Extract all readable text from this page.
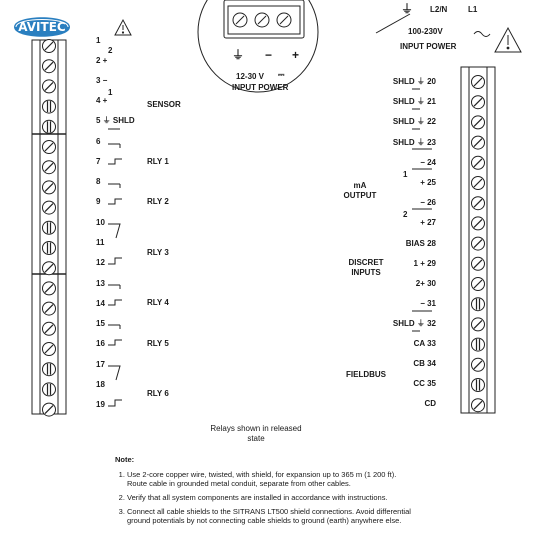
AVITEC
1
2 +
3 −
4 +
5 ⏚ SHLD
6
7
8
9
10
11
12
13
14
15
16
17
18
19
2
1
SENSOR
RLY 1
RLY 2
RLY 3
RLY 4
RLY 5
RLY 6
SHLD ⏚ 20
SHLD ⏚ 21
SHLD ⏚ 22
SHLD ⏚ 23
− 24
+ 25
− 26
+ 27
BIAS 28
1 + 29
2+ 30
− 31
SHLD ⏚ 32
CA 33
CB 34
CC 35
CD
1
2
mA
OUTPUT
DISCRET
INPUTS
FIELDBUS
⏚ − +
12-30 V ⎓
INPUT POWER
⏚ L2/N	L1
100-230V
INPUT POWER
Relays shown in released
state
Note:
1. Use 2-core copper wire, twisted, with shield, for expansion up to 365 m (1 200 ft). Route cable in grounded metal conduit, separate from other cables.
2. Verify that all system components are installed in accordance with instructions.
3. Connect all cable shields to the SITRANS LT500 shield connections. Avoid differential ground potentials by not connecting cable shields to ground (earth) anywhere else.
